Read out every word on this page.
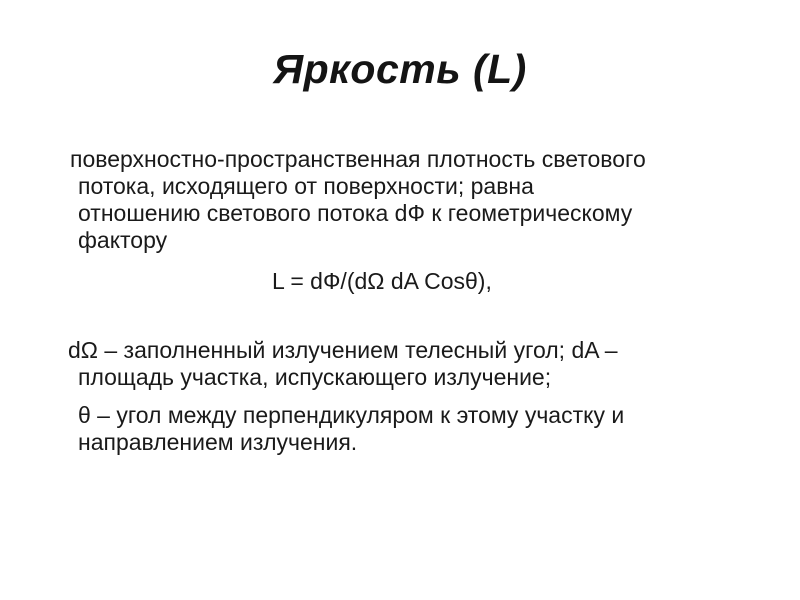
Яркость (L)
поверхностно-пространственная плотность светового
потока, исходящего от поверхности; равна
отношению светового потока dФ к геометрическому
фактору
L = dФ/(dΩ dA Cosθ),
dΩ – заполненный излучением телесный угол; dA –
площадь участка, испускающего излучение;
θ – угол между перпендикуляром к этому участку и
направлением излучения.
